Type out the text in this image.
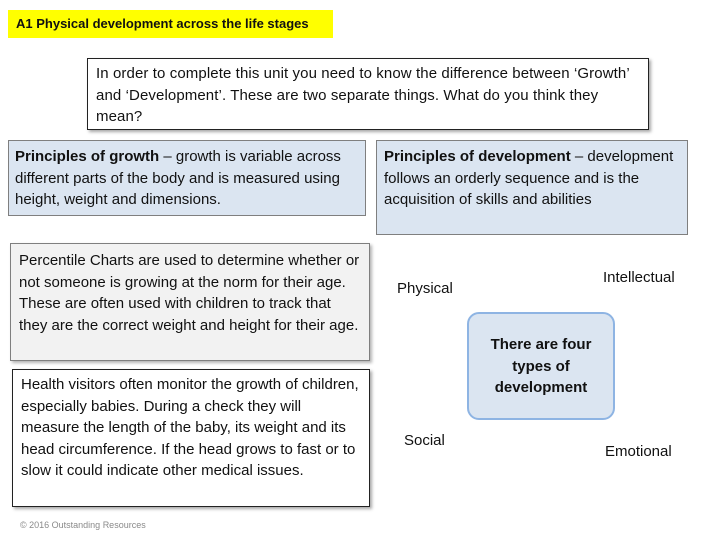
A1 Physical development across the life stages
In order to complete this unit you need to know the difference between ‘Growth’ and ‘Development’. These are two separate things. What do you think they mean?
Principles of growth – growth is variable across different parts of the body and is measured using height, weight and dimensions.
Principles of development – development follows an orderly sequence and is the acquisition of skills and abilities
Percentile Charts are used to determine whether or not someone is growing at the norm for their age. These are often used with children to track that they are the correct weight and height for their age.
Health visitors often monitor the growth of children, especially babies. During a check they will measure the length of the baby, its weight and its head circumference. If the head grows to fast or to slow it could indicate other medical issues.
There are four types of development
Physical
Intellectual
Social
Emotional
© 2016 Outstanding Resources
